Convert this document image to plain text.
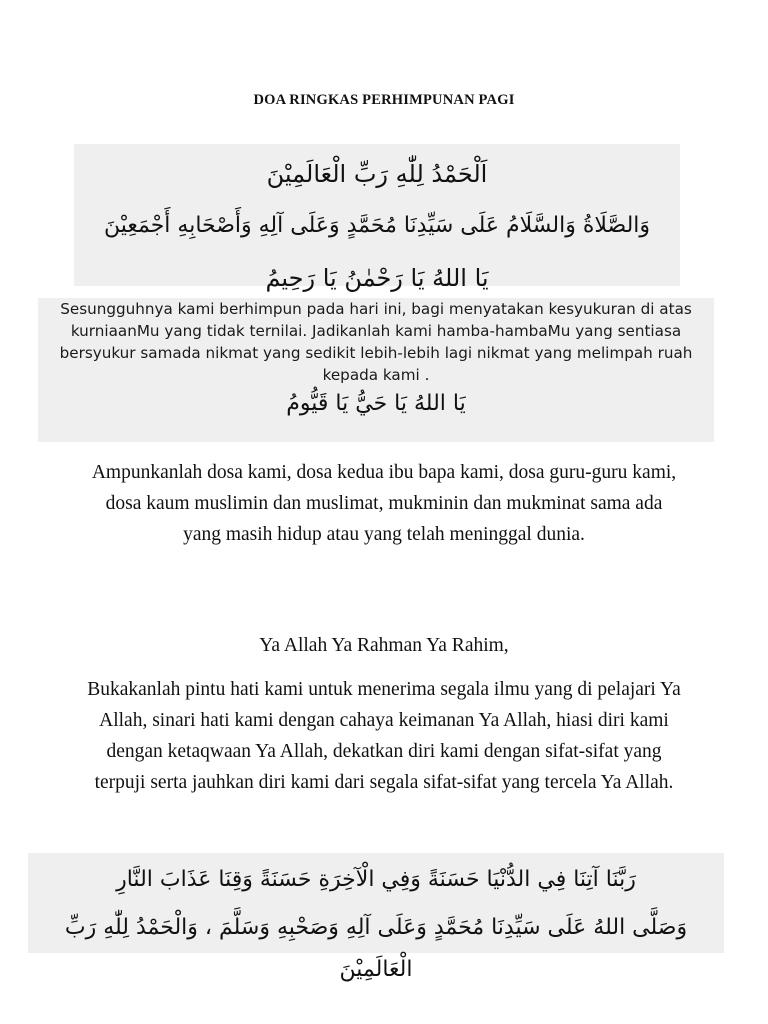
DOA RINGKAS PERHIMPUNAN PAGI
اَلْحَمْدُ لِلّٰهِ رَبِّ الْعَالَمِيْنَ
وَالصَّلَاةُ وَالسَّلَامُ عَلَى سَيِّدِنَا مُحَمَّدٍ وَعَلَى آلِهِ وَأَصْحَابِهِ أَجْمَعِيْنَ
يَا اللهُ يَا رَحْمٰنُ يَا رَحِيمُ
Sesungguhnya kami berhimpun pada hari ini, bagi menyatakan kesyukuran di atas kurniaanMu yang tidak ternilai. Jadikanlah kami hamba-hambaMu yang sentiasa bersyukur samada nikmat yang sedikit lebih-lebih lagi nikmat yang melimpah ruah kepada kami .
يَا اللهُ يَا حَيُّ يَا قَيُّومُ
Ampunkanlah dosa kami, dosa kedua ibu bapa kami, dosa guru-guru kami, dosa kaum muslimin dan muslimat, mukminin dan mukminat sama ada yang masih hidup atau yang telah meninggal dunia.
Ya Allah Ya Rahman Ya Rahim,
Bukakanlah pintu hati kami untuk menerima segala ilmu yang di pelajari Ya Allah, sinari hati kami dengan cahaya keimanan Ya Allah, hiasi diri kami dengan ketaqwaan Ya Allah, dekatkan diri kami dengan sifat-sifat yang terpuji serta jauhkan diri kami dari segala sifat-sifat yang tercela Ya Allah.
رَبَّنَا آتِنَا فِي الدُّنْيَا حَسَنَةً وَفِي الْآخِرَةِ حَسَنَةً وَقِنَا عَذَابَ النَّارِ
وَصَلَّى اللهُ عَلَى سَيِّدِنَا مُحَمَّدٍ وَعَلَى آلِهِ وَصَحْبِهِ وَسَلَّمَ ، وَالْحَمْدُ لِلّٰهِ رَبِّ الْعَالَمِيْنَ
